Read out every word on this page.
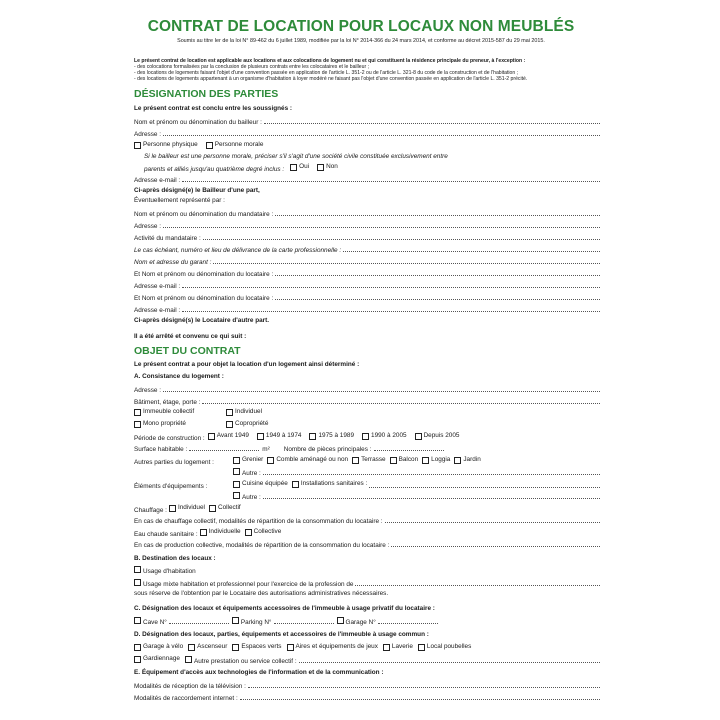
CONTRAT DE LOCATION POUR LOCAUX NON MEUBLÉS
Soumis au titre Ier de la loi N° 89-462 du 6 juillet 1989, modifiée par la loi N° 2014-366 du 24 mars 2014, et conforme au décret 2015-587 du 29 mai 2015.
Le présent contrat de location est applicable aux locations et aux colocations de logement nu et qui constituent la résidence principale du preneur, à l'exception :
- des colocations formalisées par la conclusion de plusieurs contrats entre les colocataires et le bailleur ;
- des locations de logements faisant l'objet d'une convention passée en application de l'article L. 351-2 ou de l'article L. 321-8 du code de la construction et de l'habitation ;
- des locations de logements appartenant à un organisme d'habitation à loyer modéré ne faisant pas l'objet d'une convention passée en application de l'article L. 351-2 précité.
DÉSIGNATION DES PARTIES
Le présent contrat est conclu entre les soussignés :
Nom et prénom ou dénomination du bailleur :
Adresse :
Personne physique	Personne morale
Si le bailleur est une personne morale, préciser s'il s'agit d'une société civile constituée exclusivement entre
parents et alliés jusqu'au quatrième degré inclus : Oui	Non
Adresse e-mail :
Ci-après désigné(e) le Bailleur d'une part,
Éventuellement représenté par :
Nom et prénom ou dénomination du mandataire :
Adresse :
Activité du mandataire :
Le cas échéant, numéro et lieu de délivrance de la carte professionnelle :
Nom et adresse du garant :
Et Nom et prénom ou dénomination du locataire :
Adresse e-mail :
Et Nom et prénom ou dénomination du locataire :
Adresse e-mail :
Ci-après désigné(s) le Locataire d'autre part.
Il a été arrêté et convenu ce qui suit :
OBJET DU CONTRAT
Le présent contrat a pour objet la location d'un logement ainsi déterminé :
A. Consistance du logement :
Adresse :
Bâtiment, étage, porte :
Immeuble collectif	Individuel
Mono propriété	Copropriété
Période de construction : Avant 1949	1949 à 1974	1975 à 1989	1990 à 2005	Depuis 2005
Surface habitable :	m² Nombre de pièces principales :
Autres parties du logement :	Grenier Comble aménagé ou non Terrasse Balcon Loggia Jardin
Autre :
Éléments d'équipements :	Cuisine équipée Installations sanitaires :
Autre :
Chauffage : Individuel Collectif
En cas de chauffage collectif, modalités de répartition de la consommation du locataire :
Eau chaude sanitaire : Individuelle Collective
En cas de production collective, modalités de répartition de la consommation du locataire :
B. Destination des locaux :
Usage d'habitation
Usage mixte habitation et professionnel pour l'exercice de la profession de
sous réserve de l'obtention par le Locataire des autorisations administratives nécessaires.
C. Désignation des locaux et équipements accessoires de l'immeuble à usage privatif du locataire :
Cave N°	Parking N°	Garage N°
D. Désignation des locaux, parties, équipements et accessoires de l'immeuble à usage commun :
Garage à vélo Ascenseur Espaces verts Aires et équipements de jeux Laverie Local poubelles
Gardiennage Autre prestation ou service collectif :
E. Équipement d'accès aux technologies de l'information et de la communication :
Modalités de réception de la télévision :
Modalités de raccordement internet :
